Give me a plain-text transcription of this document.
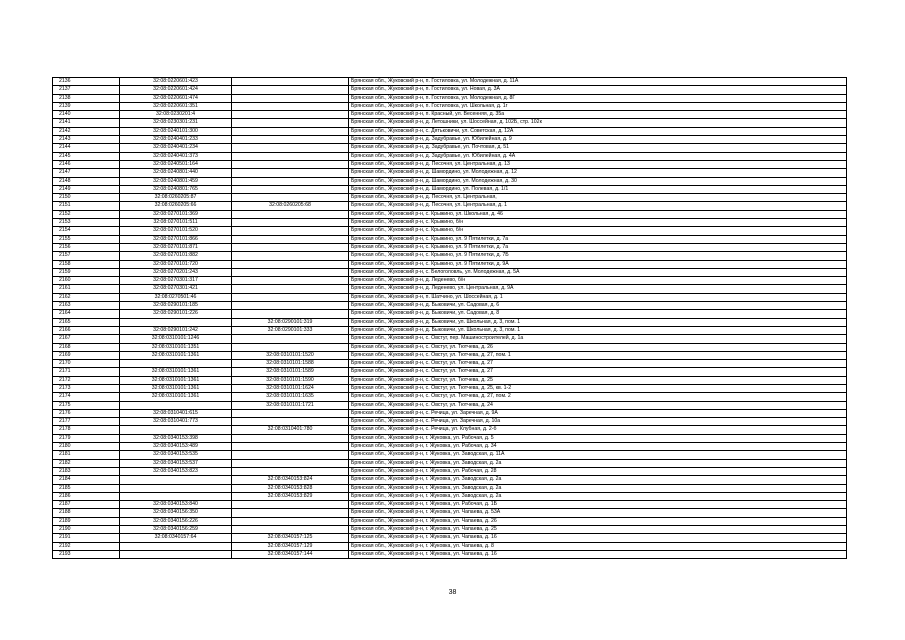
2136	32:08:0220601:423		Брянская обл., Жуковский р-н, п. Гостиловка, ул. Молодежная, д. 11А
2137	32:08:0220601:424		Брянская обл., Жуковский р-н, п. Гостиловка, ул. Новая, д. 3А
2138	32:08:0220601:474		Брянская обл., Жуковский р-н, п. Гостиловка, ул. Молодежная, д. 8Г
2139	32:08:0220601:351		Брянская обл., Жуковский р-н, п. Гостиловка, ул. Школьная, д. 1г
2140	32:08:0230201:4		Брянская обл., Жуковский р-н, п. Красный, ул. Весенняя, д. 35а
2141	32:08:0230301:231		Брянская обл., Жуковский р-н, д. Летошники, ул. Шоссейная, д. 102Б, стр. 102к
2142	32:08:0240101:300		Брянская обл., Жуковский р-н, с. Дятьковичи, ул. Советская, д. 12А
2143	32:08:0240401:233		Брянская обл., Жуковский р-н, д. Задубравье, ул. Юбилейная, д. 9
2144	32:08:0240401:234		Брянская обл., Жуковский р-н, д. Задубравье, ул. Почтовая, д. 51
2145	32:08:0240401:373		Брянская обл., Жуковский р-н, д. Задубравье, ул. Юбилейная, д. 4А
2146	32:08:0240501:164		Брянская обл., Жуковский р-н, д. Песочня, ул. Центральная, д. 13
2147	32:08:0240801:440		Брянская обл., Жуковский р-н, д. Шамордино, ул. Молодежная, д. 12
2148	32:08:0240801:459		Брянская обл., Жуковский р-н, д. Шамордино, ул. Молодежная, д. 30
2149	32:08:0240801:765		Брянская обл., Жуковский р-н, д. Шамордино, ул. Полевая, д. 1/1
2150	32:08:0260205:87		Брянская обл., Жуковский р-н, д. Песочня, ул. Центральная,
2151	32:08:0260205:66	32:08:0260205:68	Брянская обл., Жуковский р-н, д. Песочня, ул. Центральная, д. 1
2152	32:08:0270101:369		Брянская обл., Жуковский р-н, с. Крыжино, ул. Школьная, д. 46
2153	32:08:0270101:511		Брянская обл., Жуковский р-н, с. Крыжино, б/н
2154	32:08:0270101:520		Брянская обл., Жуковский р-н, с. Крыжино, б/н
2155	32:08:0270101:866		Брянская обл., Жуковский р-н, с. Крыжино, ул. 9 Пятилетки, д. 7а
2156	32:08:0270101:871		Брянская обл., Жуковский р-н, с. Крыжино, ул. 9 Пятилетки, д. 7а
2157	32:08:0270101:882		Брянская обл., Жуковский р-н, с. Крыжино, ул. 9 Пятилетки, д. 7Б
2158	32:08:0270101:720		Брянская обл., Жуковский р-н, с. Крыжино, ул. 9 Пятилетки, д. 9А
2159	32:08:0270201:243		Брянская обл., Жуковский р-н, с. Белоголовль, ул. Молодежная, д. 5А
2160	32:08:0270301:317		Брянская обл., Жуковский р-н, д. Леденево, б/н
2161	32:08:0270301:421		Брянская обл., Жуковский р-н, д. Леденево, ул. Центральная, д. 9А
2162	32:08:0270501:46		Брянская обл., Жуковский р-н, п. Шатчино, ул. Шоссейная, д. 1
2163	32:08:0290101:185		Брянская обл., Жуковский р-н, д. Быковичи, ул. Садовая, д. 6
2164	32:08:0290101:226		Брянская обл., Жуковский р-н, д. Быковичи, ул. Садовая, д. 8
2165		32:08:0290101:319	Брянская обл., Жуковский р-н, д. Быковичи, ул. Школьная, д. 3, пом. 1
2166	32:08:0290101:242	32:08:0290101:333	Брянская обл., Жуковский р-н, д. Быковичи, ул. Школьная, д. 3, пом. 1
2167	32:08:0310101:1246		Брянская обл., Жуковский р-н, с. Овстуг, пер. Машиностроителей, д. 1а
2168	32:08:0310101:1351		Брянская обл., Жуковский р-н, с. Овстуг, ул. Тютчева, д. 26
2169	32:08:0310101:1361	32:08:0310101:1520	Брянская обл., Жуковский р-н, с. Овстуг, ул. Тютчева, д. 27, пом. 1
2170		32:08:0310101:1588	Брянская обл., Жуковский р-н, с. Овстуг, ул. Тютчева, д. 27
2171	32:08:0310101:1361	32:08:0310101:1589	Брянская обл., Жуковский р-н, с. Овстуг, ул. Тютчева, д. 27
2172	32:08:0310101:1361	32:08:0310101:1590	Брянская обл., Жуковский р-н, с. Овстуг, ул. Тютчева, д. 25
2173	32:08:0310101:1361	32:08:0310101:1624	Брянская обл., Жуковский р-н, с. Овстуг, ул. Тютчева, д. 25, кв. 1-2
2174	32:08:0310101:1361	32:08:0310101:1635	Брянская обл., Жуковский р-н, с. Овстуг, ул. Тютчева, д. 27, пом. 2
2175		32:08:0310101:1721	Брянская обл., Жуковский р-н, с. Овстуг, ул. Тютчева, д. 24
2176	32:08:0310401:615		Брянская обл., Жуковский р-н, с. Речица, ул. Заречная, д. 9А
2177	32:08:0310401:773		Брянская обл., Жуковский р-н, с. Речица, ул. Заречная, д. 10а
2178		32:08:0310401:780	Брянская обл., Жуковский р-н, с. Речица, ул. Клубная, д. 2-б
2179	32:08:0340153:398		Брянская обл., Жуковский р-н, г. Жуковка, ул. Рабочая, д. 5
2180	32:08:0340153:489		Брянская обл., Жуковский р-н, г. Жуковка, ул. Рабочая, д. 34
2181	32:08:0340153:535		Брянская обл., Жуковский р-н, г. Жуковка, ул. Заводская, д. 11А
2182	32:08:0340153:537		Брянская обл., Жуковский р-н, г. Жуковка, ул. Заводская, д. 2а
2183	32:08:0340153:823		Брянская обл., Жуковский р-н, г. Жуковка, ул. Рабочая, д. 28
2184		32:08:0340153:824	Брянская обл., Жуковский р-н, г. Жуковка, ул. Заводская, д. 2а
2185		32:08:0340153:828	Брянская обл., Жуковский р-н, г. Жуковка, ул. Заводская, д. 2а
2186		32:08:0340153:829	Брянская обл., Жуковский р-н, г. Жуковка, ул. Заводская, д. 2а
2187	32:08:0340153:840		Брянская обл., Жуковский р-н, г. Жуковка, ул. Рабочая, д. 1Б
2188	32:08:0340156:350		Брянская обл., Жуковский р-н, г. Жуковка, ул. Чапаева, д. 53А
2189	32:08:0340156:226		Брянская обл., Жуковский р-н, г. Жуковка, ул. Чапаева, д. 26
2190	32:08:0340156:259		Брянская обл., Жуковский р-н, г. Жуковка, ул. Чапаева, д. 25
2191	32:08:0340157:64	32:08:0340157:125	Брянская обл., Жуковский р-н, г. Жуковка, ул. Чапаева, д. 16
2192		32:08:0340157:129	Брянская обл., Жуковский р-н, г. Жуковка, ул. Чапаева, д. 8
2193		32:08:0340157:144	Брянская обл., Жуковский р-н, г. Жуковка, ул. Чапаева, д. 16
38
